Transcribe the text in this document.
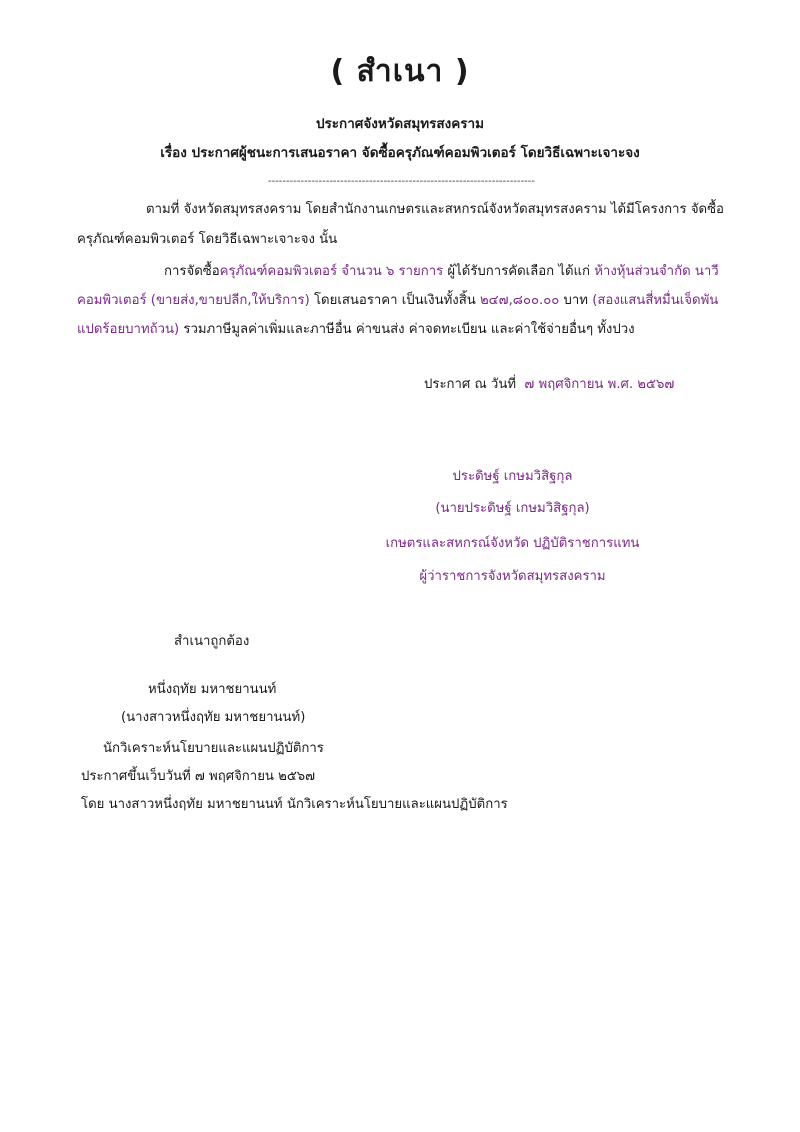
( สำเนา )
ประกาศจังหวัดสมุทรสงคราม
เรื่อง ประกาศผู้ชนะการเสนอราคา จัดซื้อครุภัณฑ์คอมพิวเตอร์ โดยวิธีเฉพาะเจาะจง
--------------------------------------------------------------------------
ตามที่ จังหวัดสมุทรสงคราม โดยสำนักงานเกษตรและสหกรณ์จังหวัดสมุทรสงคราม ได้มีโครงการ จัดซื้อ
ครุภัณฑ์คอมพิวเตอร์ โดยวิธีเฉพาะเจาะจง นั้น
การจัดซื้อครุภัณฑ์คอมพิวเตอร์ จำนวน ๖ รายการ ผู้ได้รับการคัดเลือก ได้แก่ ห้างหุ้นส่วนจำกัด นาวี
คอมพิวเตอร์ (ขายส่ง,ขายปลีก,ให้บริการ) โดยเสนอราคา เป็นเงินทั้งสิ้น ๒๔๗,๘๐๐.๐๐ บาท (สองแสนสี่หมื่นเจ็ดพัน
แปดร้อยบาทถ้วน) รวมภาษีมูลค่าเพิ่มและภาษีอื่น ค่าขนส่ง ค่าจดทะเบียน และค่าใช้จ่ายอื่นๆ ทั้งปวง
ประกาศ ณ วันที่ ๗ พฤศจิกายน พ.ศ. ๒๕๖๗
ประดิษฐ์ เกษมวิสิฐกุล
(นายประดิษฐ์ เกษมวิสิฐกุล)
เกษตรและสหกรณ์จังหวัด ปฏิบัติราชการแทน
ผู้ว่าราชการจังหวัดสมุทรสงคราม
สำเนาถูกต้อง
หนึ่งฤทัย มหาชยานนท์
(นางสาวหนึ่งฤทัย มหาชยานนท์)
นักวิเคราะห์นโยบายและแผนปฏิบัติการ
ประกาศขึ้นเว็บวันที่ ๗ พฤศจิกายน ๒๕๖๗
โดย นางสาวหนึ่งฤทัย มหาชยานนท์ นักวิเคราะห์นโยบายและแผนปฏิบัติการ
